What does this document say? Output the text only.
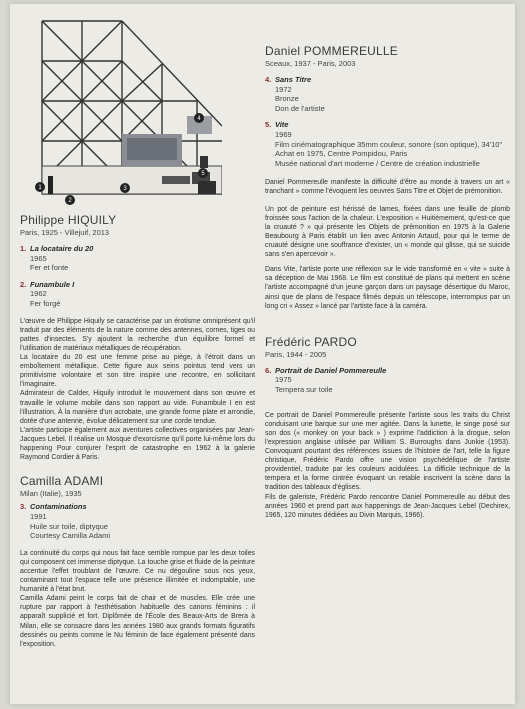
1
2
3
4
5
Philippe HIQUILY
Paris, 1925 - Villejuif, 2013
1. La locataire du 20
1965
Fer et fonte
2. Funambule I
1962
Fer forgé

L'œuvre de Philippe Hiquily se caractérise par un érotisme omniprésent qu'il traduit par des éléments de la nature comme des antennes, cornes, tiges ou pattes d'insectes. S'y ajoutent la recherche d'un équilibre formel et l'utilisation de matériaux métalliques de récupération.

La locataire du 20 est une femme prise au piège, à l'étroit dans un emboîtement métallique. Cette figure aux seins pointus tend vers un primitivisme volontaire et son titre inspire une recontre, en sollicitant l'imaginaire.

Admirateur de Calder, Hiquily introduit le mouvement dans son œuvre et travaille le volume mobile dans son rapport au vide. Funambule I en est l'illustration. À la manière d'un acrobate, une grande forme plate et arrondie, dotée d'une antenne, évolue délicatement sur une corde tendue.

L'artiste participe également aux aventures collectives organisées par Jean-Jacques Lebel. Il réalise un Mosque d'exorcisme qu'il porte lui-même lors du happening Pour conjurer l'esprit de catastrophe en 1962 à la galerie Raymond Cordier à Paris.

Camilla ADAMI
Milan (Italie), 1935
3. Contaminations
1991
Huile sur toile, diptyque
Courtesy Camilla Adami

La continuité du corps qui nous fait face semble rompue par les deux toiles qui composent cet immense diptyque. La touche grise et fluide de la peinture accentue l'effet troublant de l'œuvre. Ce nu dégouline sous nos yeux, contaminant tout l'espace telle une présence illimitée et indomptable, une humanité à l'état brut.

Camilla Adami peint le corps fait de chair et de muscles. Elle crée une rupture par rapport à l'esthétisation habituelle des canons féminins : il apparaît supplicié et fort. Diplômée de l'École des Beaux-Arts de Brera à Milan, elle se consacre dans les années 1980 aux grands formats figuratifs dessinés ou peints comme le Nu féminin de face également présenté dans l'exposition.

Daniel POMMEREULLE
Sceaux, 1937 - Paris, 2003
4. Sans Titre
1972
Bronze
Don de l'artiste
5. Vite
1969
Film cinématographique 35mm couleur, sonore (son optique), 34'10"
Achat en 1975, Centre Pompidou, Paris
Musée national d'art moderne / Centre de création industrielle

Daniel Pommereulle manifeste la difficulté d'être au monde à travers un art « tranchant » comme l'évoquent les oeuvres Sans Titre et Objet de prémonition.

Un pot de peinture est hérissé de lames, fixées dans une feuille de plomb froissée sous l'action de la chaleur. L'exposition « Huitièmement, qu'est-ce que la cruauté ? » qui présente les Objets de prémonition en 1975 à la Galerie Beaubourg à Paris établit un lien avec Antonin Artaud, pour qui le terme de cruauté désigne une souffrance d'exister, un « monde qui glisse, qui se suicide sans s'en apercevoir ».

Dans Vite, l'artiste porte une réflexion sur le vide transformé en « vite » suite à sa déception de Mai 1968. Le film est constitué de plans qui mettent en scène l'artiste accompagné d'un jeune garçon dans un paysage désertique du Maroc, ainsi que de plans de l'espace filmés depuis un télescope, interrompus par un long cri « Assez » lancé par l'artiste face à la caméra.

Frédéric PARDO
Paris, 1944 - 2005
6. Portrait de Daniel Pommereulle
1975
Tempera sur toile

Ce portrait de Daniel Pommereulle présente l'artiste sous les traits du Christ conduisant une barque sur une mer agitée. Dans la lunette, le singe posé sur son dos (« monkey on your back » ) exprime l'addiction à la drogue, selon l'expression anglaise utilisée par William S. Burroughs dans Junkie (1953). Convoquant pourtant des références issues de l'histoire de l'art, telle la figure christique, Frédéric Pardo offre une vision psychédélique de l'artiste providentiel, traduite par les couleurs acidulées. La difficile technique de la tempera et la forme cintrée évoquant un retable inscrivent la scène dans la tradition des tableaux d'églises.

Fils de galeriste, Frédéric Pardo rencontre Daniel Pommereulle au début des années 1960 et prend part aux happenings de Jean-Jacques Lebel (Dechirex, 1965, 120 minutes dédiées au Divin Marquis, 1966).
